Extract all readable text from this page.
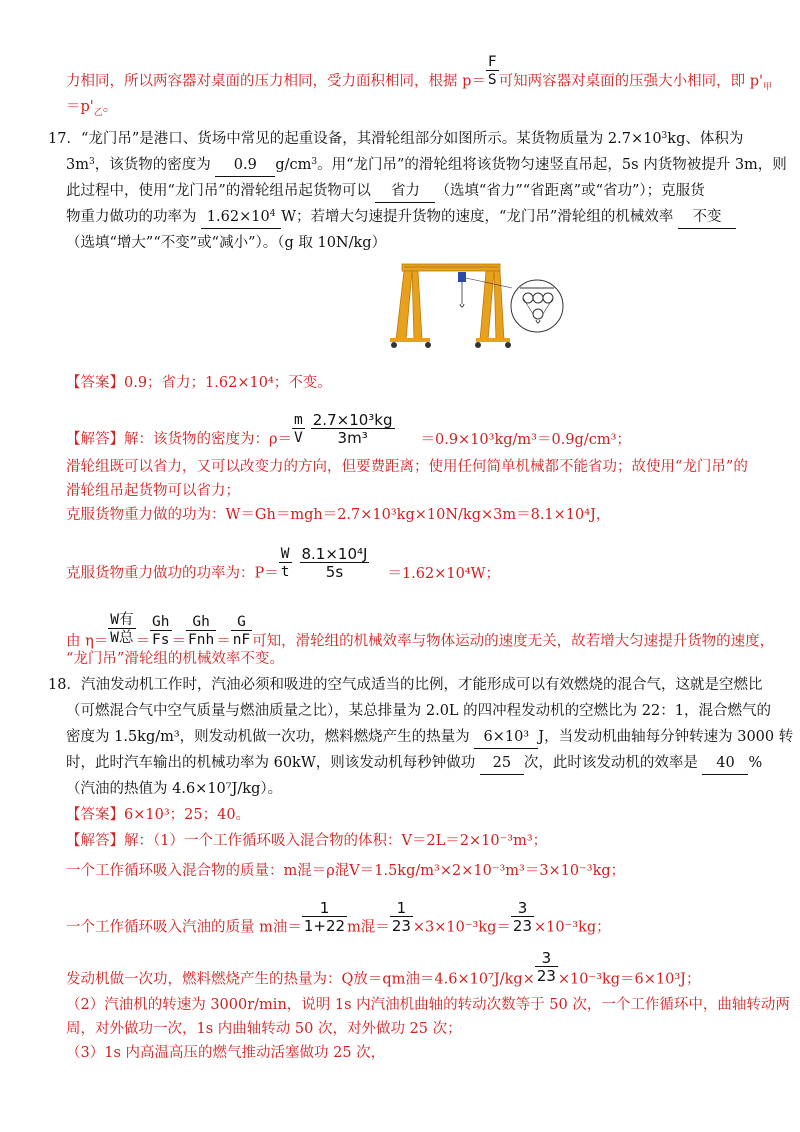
力相同，所以两容器对桌面的压力相同，受力面积相同，根据 $p= \frac{F}{S}$ 可知两容器对桌面的压强大小相同，即 $p'_甲$
$=p'_乙$。
17．“龙门吊”是港口、货场中常见的起重设备，其滑轮组部分如图所示。某货物质量为 $2.7\times 10^3kg$、体积为
$3m^3$，该货物的密度为 0.9 $g/cm^3$。用“龙门吊”的滑轮组将该货物匀速竖直吊起，5s 内货物被提升 3m，则
此过程中，使用“龙门吊”的滑轮组吊起货物可以 省力 （选填“省力”“省距离”或“省功”）；克服货
物重力做功的功率为 $1.62\times 10^4$ W；若增大匀速提升货物的速度，“龙门吊”滑轮组的机械效率 不变
（选填“增大”“不变”或“减小”）。（g 取 10N/kg）
【答案】0.9；省力；1.62×10⁴；不变。
【解答】解：该货物的密度为：$\rho= \frac{m}{V} \frac{\text{2.7×10³kg}}{\text{3m³}} =0.9\times 10^3kg/m^3=0.9g/cm^3$；
滑轮组既可以省力，又可以改变力的方向，但要费距离；使用任何简单机械都不能省功；故使用“龙门吊”的
滑轮组吊起货物可以省力；
克服货物重力做的功为：W＝Gh＝mgh＝2.7×10³kg×10N/kg×3m＝8.1×10⁴J，
克服货物重力做功的功率为：$P= \frac{W}{t} \frac{\text{8.1×10⁴J}}{5s} =1.62\times 10^4W$；
由 $\eta= \frac{\text{W有}}{\text{W总}} = \frac{Gh}{Fs} = \frac{Gh}{\text{Fnh}} = \frac{G}{nF}$ 可知，滑轮组的机械效率与物体运动的速度无关，故若增大匀速提升货物的速度，
“龙门吊”滑轮组的机械效率不变。
18．汽油发动机工作时，汽油必须和吸进的空气成适当的比例，才能形成可以有效燃烧的混合气，这就是空燃比
（可燃混合气中空气质量与燃油质量之比），某总排量为 2.0L 的四冲程发动机的空燃比为 22：1，混合燃气的
密度为 1.5kg/m³，则发动机做一次功，燃料燃烧产生的热量为 6×10³ J，当发动机曲轴每分钟转速为 3000 转
时，此时汽车输出的机械功率为 60kW，则该发动机每秒钟做功 25 次，此时该发动机的效率是 40 %
（汽油的热值为 4.6×10⁷J/kg）。
【答案】6×10³；25；40。
【解答】解：（1）一个工作循环吸入混合物的体积：V＝2L＝2×10⁻³m³；
一个工作循环吸入混合物的质量：m混＝ρ混V＝1.5kg/m³×2×10⁻³m³＝3×10⁻³kg；
一个工作循环吸入汽油的质量 m油＝ $\frac{1}{1+22}$ m混＝ $\frac{1}{23} \times 3\times 10^{-3}kg= \frac{3}{23} \times 10^{-3}kg$；
发动机做一次功，燃料燃烧产生的热量为：Q放＝qm油$=4.6\times 10^7J/kg\times \frac{3}{23} \times 10^{-3}kg=6\times 10^3J$；
（2）汽油机的转速为 3000r/min，说明 1s 内汽油机曲轴的转动次数等于 50 次，一个工作循环中，曲轴转动两
周，对外做功一次，1s 内曲轴转动 50 次，对外做功 25 次；
（3）1s 内高温高压的燃气推动活塞做功 25 次，
